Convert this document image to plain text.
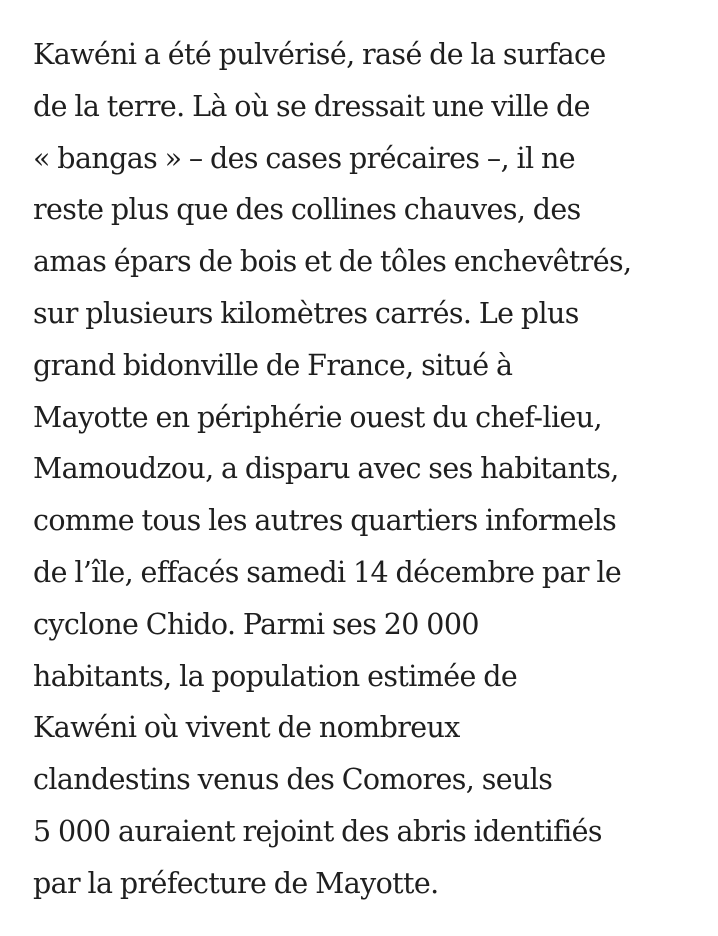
Kawéni a été pulvérisé, rasé de la surface
de la terre. Là où se dressait une ville de
« bangas » – des cases précaires –, il ne
reste plus que des collines chauves, des
amas épars de bois et de tôles enchevêtrés,
sur plusieurs kilomètres carrés. Le plus
grand bidonville de France, situé à
Mayotte en périphérie ouest du chef-lieu,
Mamoudzou, a disparu avec ses habitants,
comme tous les autres quartiers informels
de l’île, effacés samedi 14 décembre par le
cyclone Chido. Parmi ses 20 000
habitants, la population estimée de
Kawéni où vivent de nombreux
clandestins venus des Comores, seuls
5 000 auraient rejoint des abris identifiés
par la préfecture de Mayotte.
